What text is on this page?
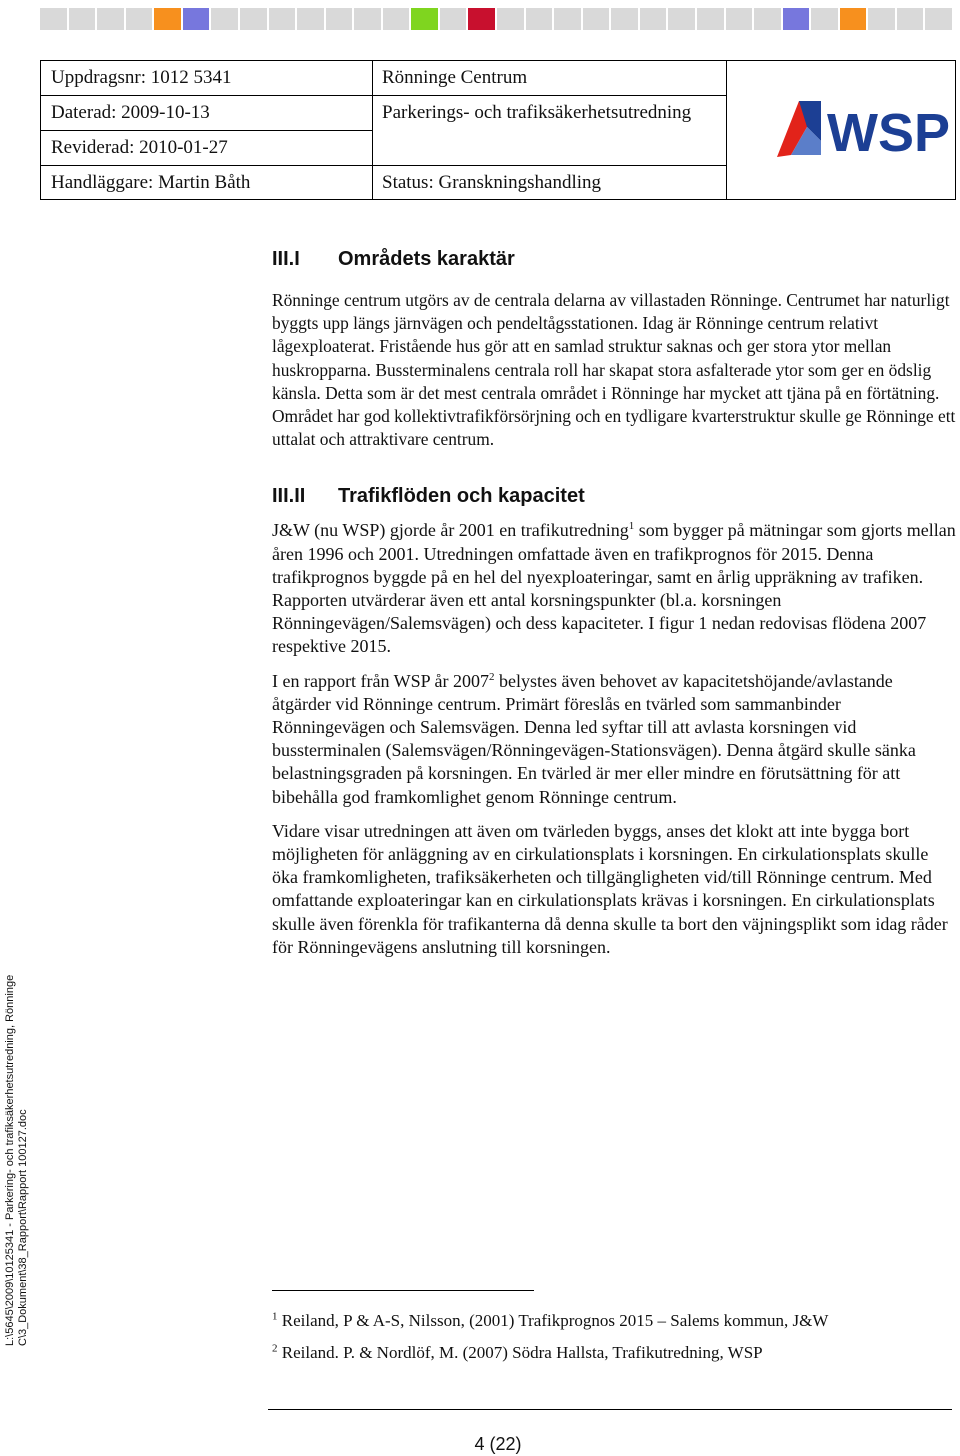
Uppdragsnr: 1012 5341
Daterad: 2009-10-13
Reviderad: 2010-01-27
Handläggare: Martin Båth
Rönninge Centrum
Parkerings- och trafiksäkerhetsutredning
Status: Granskningshandling
WSP
III.I Områdets karaktär

Rönninge centrum utgörs av de centrala delarna av villastaden Rönninge. Centrumet har naturligt byggts upp längs järnvägen och pendeltågsstationen. Idag är Rönninge centrum relativt lågexploaterat. Fristående hus gör att en samlad struktur saknas och ger stora ytor mellan huskropparna. Bussterminalens centrala roll har skapat stora asfalterade ytor som ger en ödslig känsla. Detta som är det mest centrala området i Rönninge har mycket att tjäna på en förtätning. Området har god kollektivtrafikförsörjning och en tydligare kvarterstruktur skulle ge Rönninge ett uttalat och attraktivare centrum.

III.II Trafikflöden och kapacitet

J&W (nu WSP) gjorde år 2001 en trafikutredning$^1$ som bygger på mätningar som gjorts mellan åren 1996 och 2001. Utredningen omfattade även en trafikprognos för 2015. Denna trafikprognos byggde på en hel del nyexploateringar, samt en årlig uppräkning av trafiken. Rapporten utvärderar även ett antal korsningspunkter (bl.a. korsningen Rönningevägen/Salemsvägen) och dess kapaciteter. I figur 1 nedan redovisas flödena 2007 respektive 2015.

I en rapport från WSP år 2007$^2$ belystes även behovet av kapacitetshöjande/avlastande åtgärder vid Rönninge centrum. Primärt föreslås en tvärled som sammanbinder Rönningevägen och Salemsvägen. Denna led syftar till att avlasta korsningen vid bussterminalen (Salemsvägen/Rönningevägen-Stationsvägen). Denna åtgärd skulle sänka belastningsgraden på korsningen. En tvärled är mer eller mindre en förutsättning för att bibehålla god framkomlighet genom Rönninge centrum.

Vidare visar utredningen att även om tvärleden byggs, anses det klokt att inte bygga bort möjligheten för anläggning av en cirkulationsplats i korsningen. En cirkulationsplats skulle öka framkomligheten, trafiksäkerheten och tillgängligheten vid/till Rönninge centrum. Med omfattande exploateringar kan en cirkulationsplats krävas i korsningen. En cirkulationsplats skulle även förenkla för trafikanterna då denna skulle ta bort den väjningsplikt som idag råder för Rönningevägens anslutning till korsningen.

$^1$ Reiland, P & A-S, Nilsson, (2001) Trafikprognos 2015 – Salems kommun, J&W
$^2$ Reiland. P. & Nordlöf, M. (2007) Södra Hallsta, Trafikutredning, WSP
4 (22)
L:\5645\2009\10125341 - Parkering- och trafiksäkerhetsutredning, Rönninge C\3_Dokument\38_Rapport\Rapport 100127.doc
